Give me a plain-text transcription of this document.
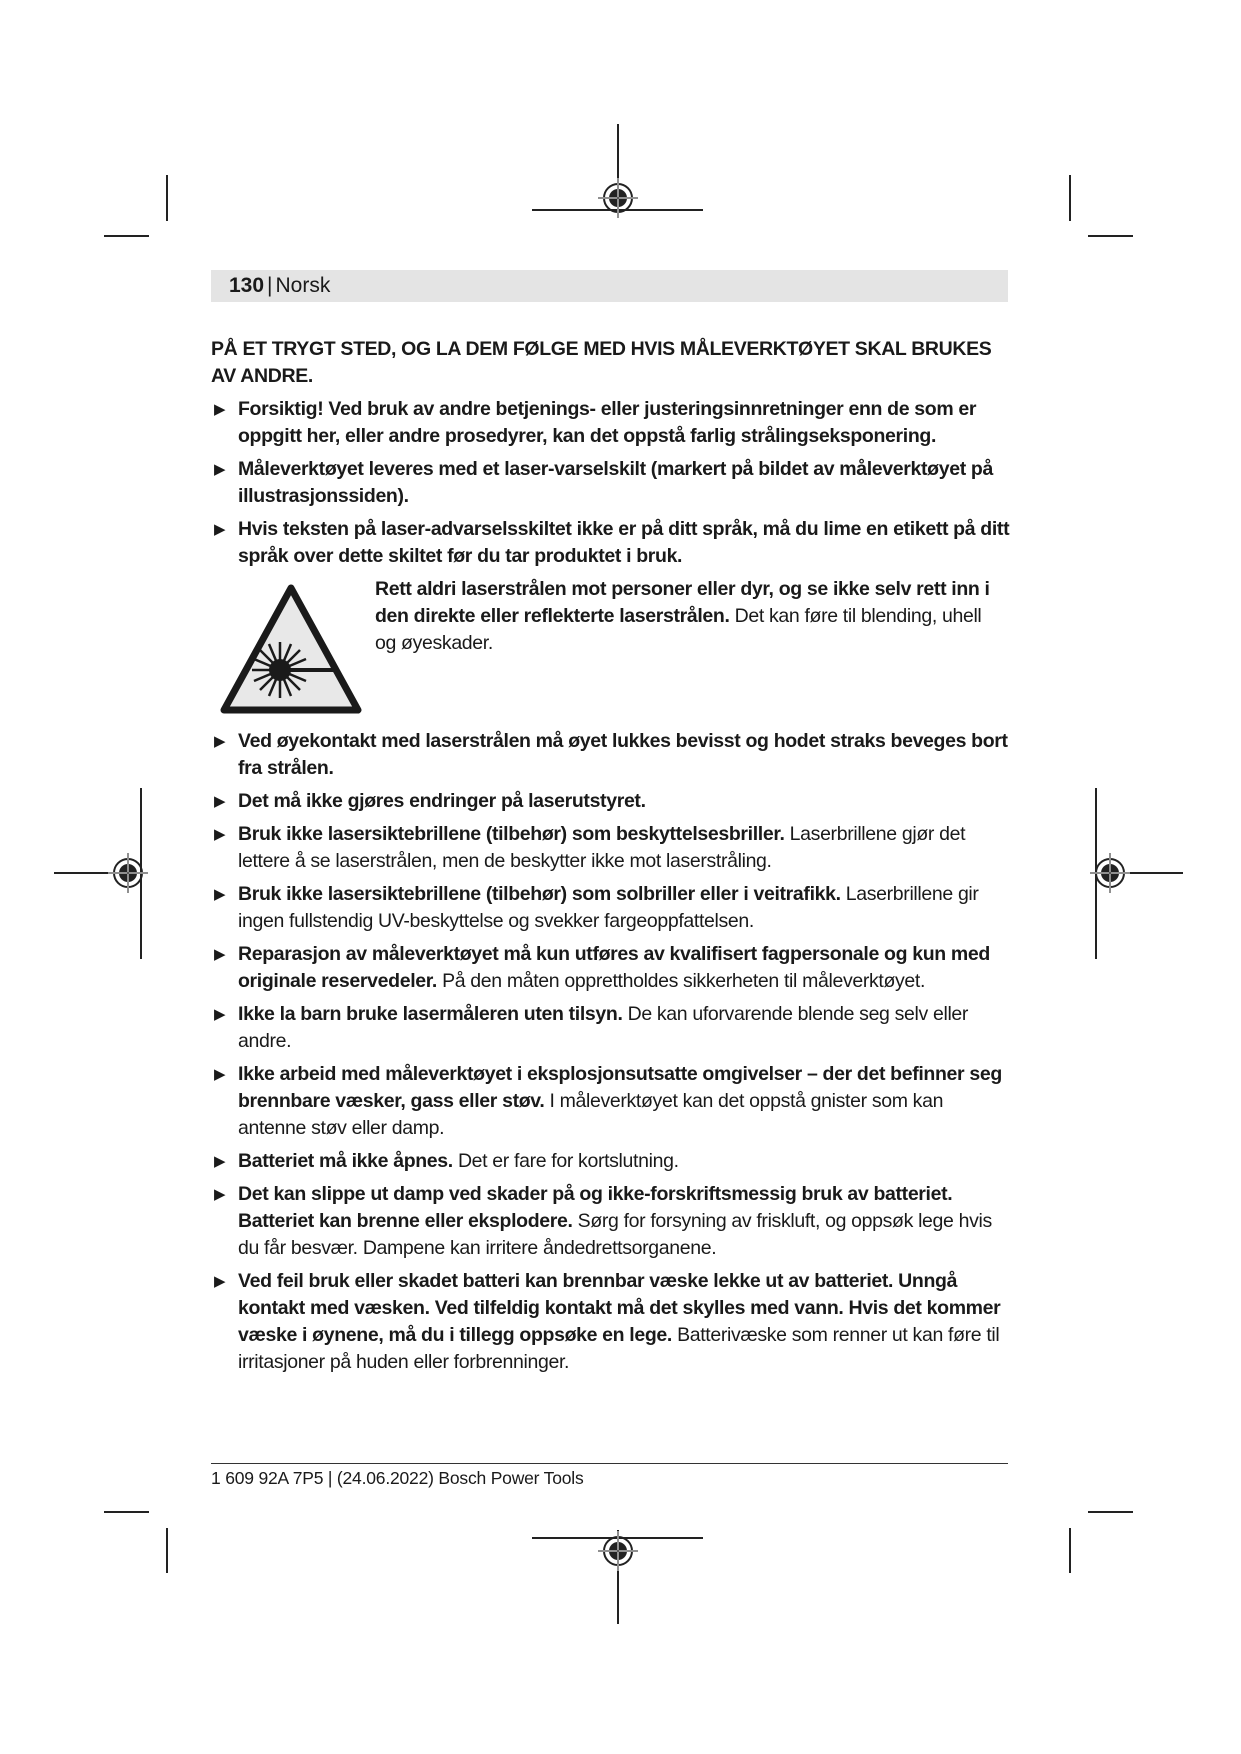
130 | Norsk

PÅ ET TRYGT STED, OG LA DEM FØLGE MED HVIS MÅLEVERKTØYET SKAL BRUKES AV ANDRE.

▶ Forsiktig! Ved bruk av andre betjenings- eller justeringsinnretninger enn de som er oppgitt her, eller andre prosedyrer, kan det oppstå farlig strålingseksponering.
▶ Måleverktøyet leveres med et laser-varselskilt (markert på bildet av måleverktøyet på illustrasjonssiden).
▶ Hvis teksten på laser-advarselsskiltet ikke er på ditt språk, må du lime en etikett på ditt språk over dette skiltet før du tar produktet i bruk.
Rett aldri laserstrålen mot personer eller dyr, og se ikke selv rett inn i den direkte eller reflekterte laserstrålen. Det kan føre til blending, uhell og øyeskader.
▶ Ved øyekontakt med laserstrålen må øyet lukkes bevisst og hodet straks beveges bort fra strålen.
▶ Det må ikke gjøres endringer på laserutstyret.
▶ Bruk ikke lasersiktebrillene (tilbehør) som beskyttelsesbriller. Laserbrillene gjør det lettere å se laserstrålen, men de beskytter ikke mot laserstråling.
▶ Bruk ikke lasersiktebrillene (tilbehør) som solbriller eller i veitrafikk. Laserbrillene gir ingen fullstendig UV-beskyttelse og svekker fargeoppfattelsen.
▶ Reparasjon av måleverktøyet må kun utføres av kvalifisert fagpersonale og kun med originale reservedeler. På den måten opprettholdes sikkerheten til måleverktøyet.
▶ Ikke la barn bruke lasermåleren uten tilsyn. De kan uforvarende blende seg selv eller andre.
▶ Ikke arbeid med måleverktøyet i eksplosjonsutsatte omgivelser – der det befinner seg brennbare væsker, gass eller støv. I måleverktøyet kan det oppstå gnister som kan antenne støv eller damp.
▶ Batteriet må ikke åpnes. Det er fare for kortslutning.
▶ Det kan slippe ut damp ved skader på og ikke-forskriftsmessig bruk av batteriet. Batteriet kan brenne eller eksplodere. Sørg for forsyning av friskluft, og oppsøk lege hvis du får besvær. Dampene kan irritere åndedrettsorganene.
▶ Ved feil bruk eller skadet batteri kan brennbar væske lekke ut av batteriet. Unngå kontakt med væsken. Ved tilfeldig kontakt må det skylles med vann. Hvis det kommer væske i øynene, må du i tillegg oppsøke en lege. Batterivæske som renner ut kan føre til irritasjoner på huden eller forbrenninger.
1 609 92A 7P5 | (24.06.2022) Bosch Power Tools
